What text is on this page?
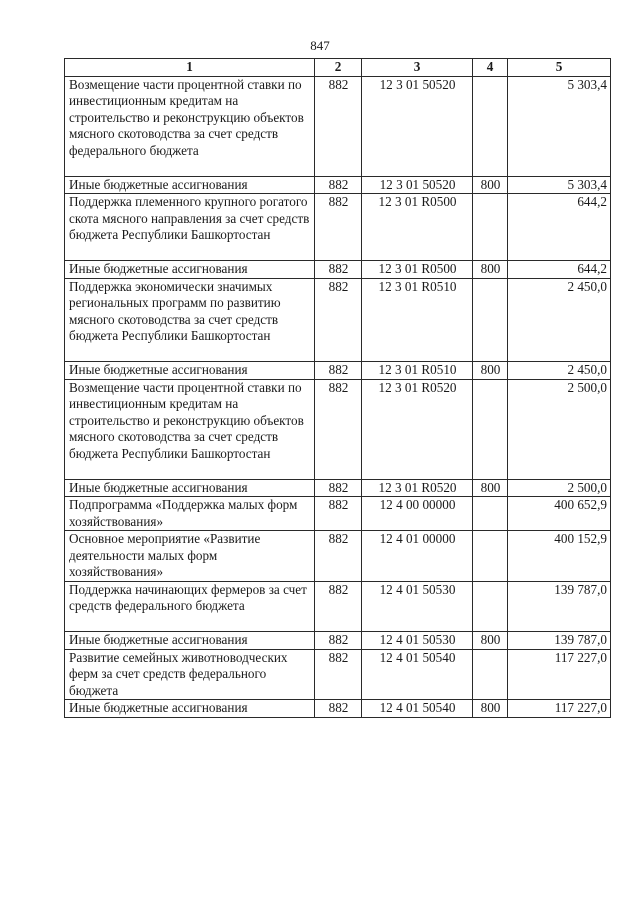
847
1	2	3	4	5
Возмещение части процентной ставки по инвестиционным кредитам на строительство и реконструкцию объектов мясного скотоводства за счет средств федерального бюджета	882	12 3 01 50520		5 303,4
Иные бюджетные ассигнования	882	12 3 01 50520	800	5 303,4
Поддержка племенного крупного рогатого скота мясного направления за счет средств бюджета Республики Башкортостан	882	12 3 01 R0500		644,2
Иные бюджетные ассигнования	882	12 3 01 R0500	800	644,2
Поддержка экономически значимых региональных программ по развитию мясного скотоводства за счет средств бюджета Республики Башкортостан	882	12 3 01 R0510		2 450,0
Иные бюджетные ассигнования	882	12 3 01 R0510	800	2 450,0
Возмещение части процентной ставки по инвестиционным кредитам на строительство и реконструкцию объектов мясного скотоводства за счет средств бюджета Республики Башкортостан	882	12 3 01 R0520		2 500,0
Иные бюджетные ассигнования	882	12 3 01 R0520	800	2 500,0
Подпрограмма «Поддержка малых форм хозяйствования»	882	12 4 00 00000		400 652,9
Основное мероприятие «Развитие деятельности малых форм хозяйствования»	882	12 4 01 00000		400 152,9
Поддержка начинающих фермеров за счет средств федерального бюджета	882	12 4 01 50530		139 787,0
Иные бюджетные ассигнования	882	12 4 01 50530	800	139 787,0
Развитие семейных животноводческих ферм за счет средств федерального бюджета	882	12 4 01 50540		117 227,0
Иные бюджетные ассигнования	882	12 4 01 50540	800	117 227,0
